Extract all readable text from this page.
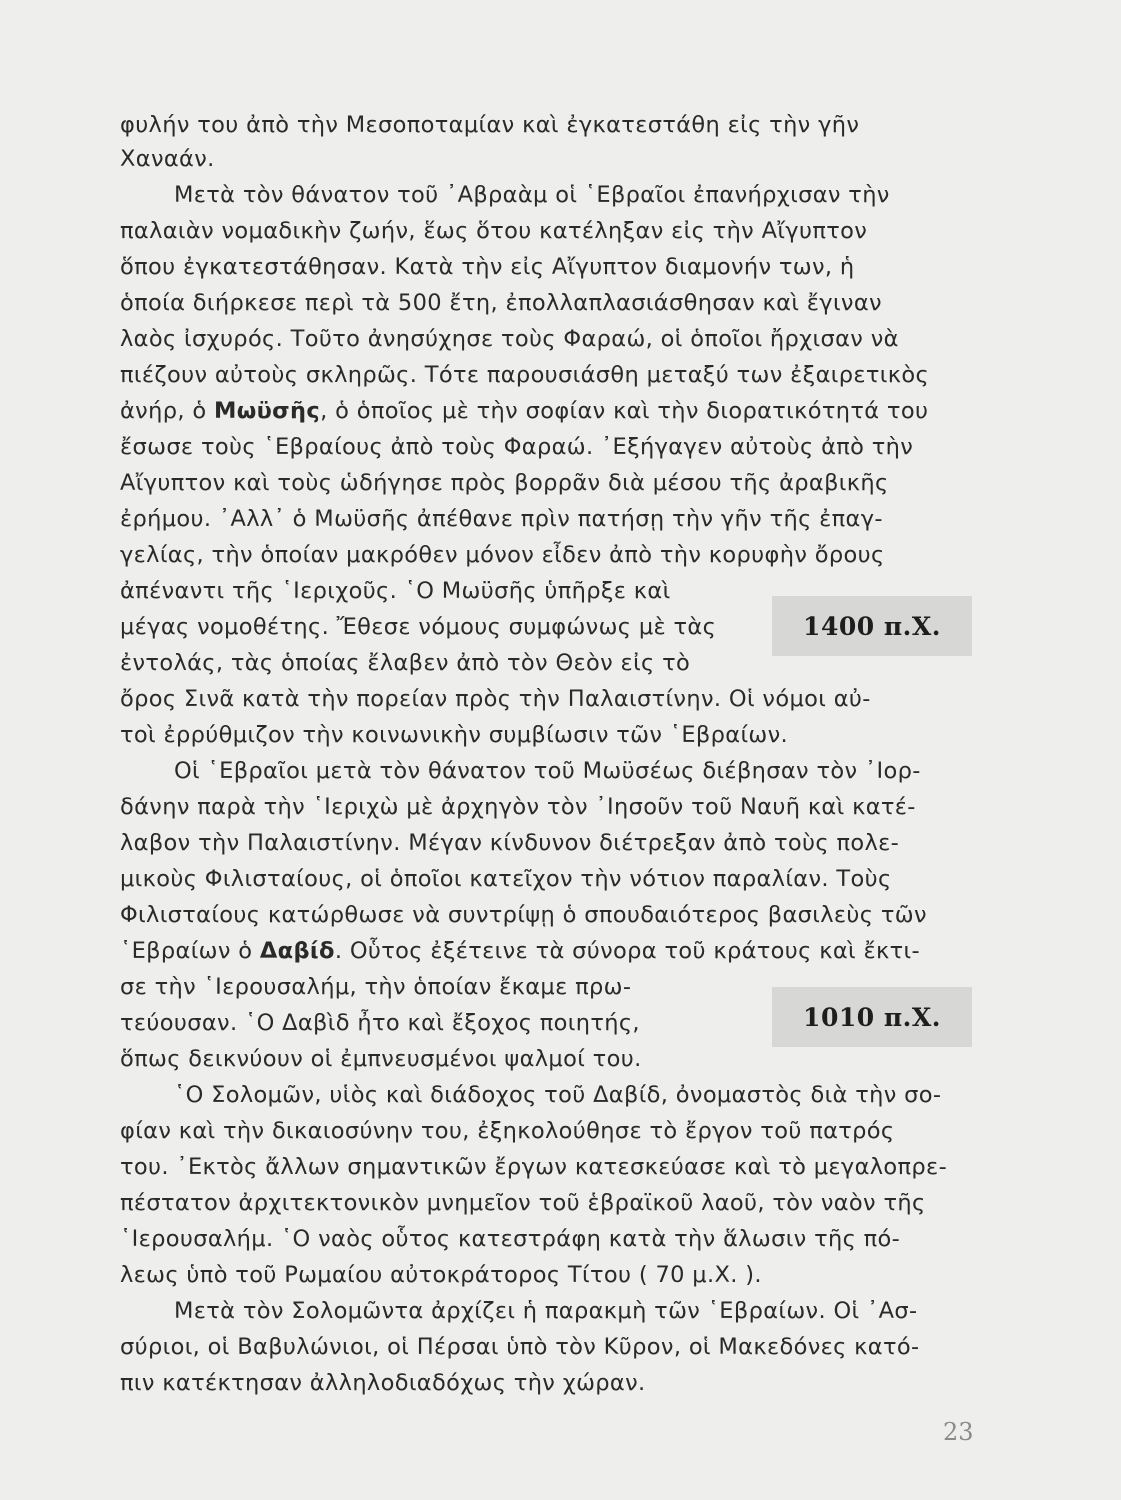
φυλήν του ἀπὸ τὴν Μεσοποταμίαν καὶ ἐγκατεστάθη εἰς τὴν γῆν
Χαναάν.
Μετὰ τὸν θάνατον τοῦ ᾿Αβραὰμ οἱ ῾Εβραῖοι ἐπανήρχισαν τὴν
παλαιὰν νομαδικὴν ζωήν, ἕως ὅτου κατέληξαν εἰς τὴν Αἴγυπτον
ὅπου ἐγκατεστάθησαν. Κατὰ τὴν εἰς Αἴγυπτον διαμονήν των, ἡ
ὁποία διήρκεσε περὶ τὰ 500 ἔτη, ἐπολλαπλασιάσθησαν καὶ ἔγιναν
λαὸς ἰσχυρός. Τοῦτο ἀνησύχησε τοὺς Φαραώ, οἱ ὁποῖοι ἤρχισαν νὰ
πιέζουν αὐτοὺς σκληρῶς. Τότε παρουσιάσθη μεταξύ των ἐξαιρετικὸς
ἀνήρ, ὁ Μωϋσῆς, ὁ ὁποῖος μὲ τὴν σοφίαν καὶ τὴν διορατικότητά του
ἔσωσε τοὺς ῾Εβραίους ἀπὸ τοὺς Φαραώ. ᾿Εξήγαγεν αὐτοὺς ἀπὸ τὴν
Αἴγυπτον καὶ τοὺς ὡδήγησε πρὸς βορρᾶν διὰ μέσου τῆς ἀραβικῆς
ἐρήμου. ᾿Αλλ᾿ ὁ Μωϋσῆς ἀπέθανε πρὶν πατήσῃ τὴν γῆν τῆς ἐπαγ-
γελίας, τὴν ὁποίαν μακρόθεν μόνον εἶδεν ἀπὸ τὴν κορυφὴν ὄρους
ἀπέναντι τῆς ῾Ιεριχοῦς. ῾Ο Μωϋσῆς ὑπῆρξε καὶ
μέγας νομοθέτης. Ἔθεσε νόμους συμφώνως μὲ τὰς
ἐντολάς, τὰς ὁποίας ἔλαβεν ἀπὸ τὸν Θεὸν εἰς τὸ
ὄρος Σινᾶ κατὰ τὴν πορείαν πρὸς τὴν Παλαιστίνην. Οἱ νόμοι αὐ-
τοὶ ἐρρύθμιζον τὴν κοινωνικὴν συμβίωσιν τῶν ῾Εβραίων.
Οἱ ῾Εβραῖοι μετὰ τὸν θάνατον τοῦ Μωϋσέως διέβησαν τὸν ᾿Ιορ-
δάνην παρὰ τὴν ῾Ιεριχὼ μὲ ἀρχηγὸν τὸν ᾿Ιησοῦν τοῦ Ναυῆ καὶ κατέ-
λαβον τὴν Παλαιστίνην. Μέγαν κίνδυνον διέτρεξαν ἀπὸ τοὺς πολε-
μικοὺς Φιλισταίους, οἱ ὁποῖοι κατεῖχον τὴν νότιον παραλίαν. Τοὺς
Φιλισταίους κατώρθωσε νὰ συντρίψῃ ὁ σπουδαιότερος βασιλεὺς τῶν
῾Εβραίων ὁ Δαβίδ. Οὗτος ἐξέτεινε τὰ σύνορα τοῦ κράτους καὶ ἔκτι-
σε τὴν ῾Ιερουσαλήμ, τὴν ὁποίαν ἔκαμε πρω-
τεύουσαν. ῾Ο Δαβὶδ ἦτο καὶ ἔξοχος ποιητής,
ὅπως δεικνύουν οἱ ἐμπνευσμένοι ψαλμοί του.
῾Ο Σολομῶν, υἱὸς καὶ διάδοχος τοῦ Δαβίδ, ὀνομαστὸς διὰ τὴν σο-
φίαν καὶ τὴν δικαιοσύνην του, ἐξηκολούθησε τὸ ἔργον τοῦ πατρός
του. ᾿Εκτὸς ἄλλων σημαντικῶν ἔργων κατεσκεύασε καὶ τὸ μεγαλοπρε-
πέστατον ἀρχιτεκτονικὸν μνημεῖον τοῦ ἑβραϊκοῦ λαοῦ, τὸν ναὸν τῆς
῾Ιερουσαλήμ. ῾Ο ναὸς οὗτος κατεστράφη κατὰ τὴν ἅλωσιν τῆς πό-
λεως ὑπὸ τοῦ Ρωμαίου αὐτοκράτορος Τίτου ( 70 μ.Χ. ).
Μετὰ τὸν Σολομῶντα ἀρχίζει ἡ παρακμὴ τῶν ῾Εβραίων. Οἱ ᾿Ασ-
σύριοι, οἱ Βαβυλώνιοι, οἱ Πέρσαι ὑπὸ τὸν Κῦρον, οἱ Μακεδόνες κατό-
πιν κατέκτησαν ἀλληλοδιαδόχως τὴν χώραν.
1400 π.Χ.
1010 π.Χ.
23
